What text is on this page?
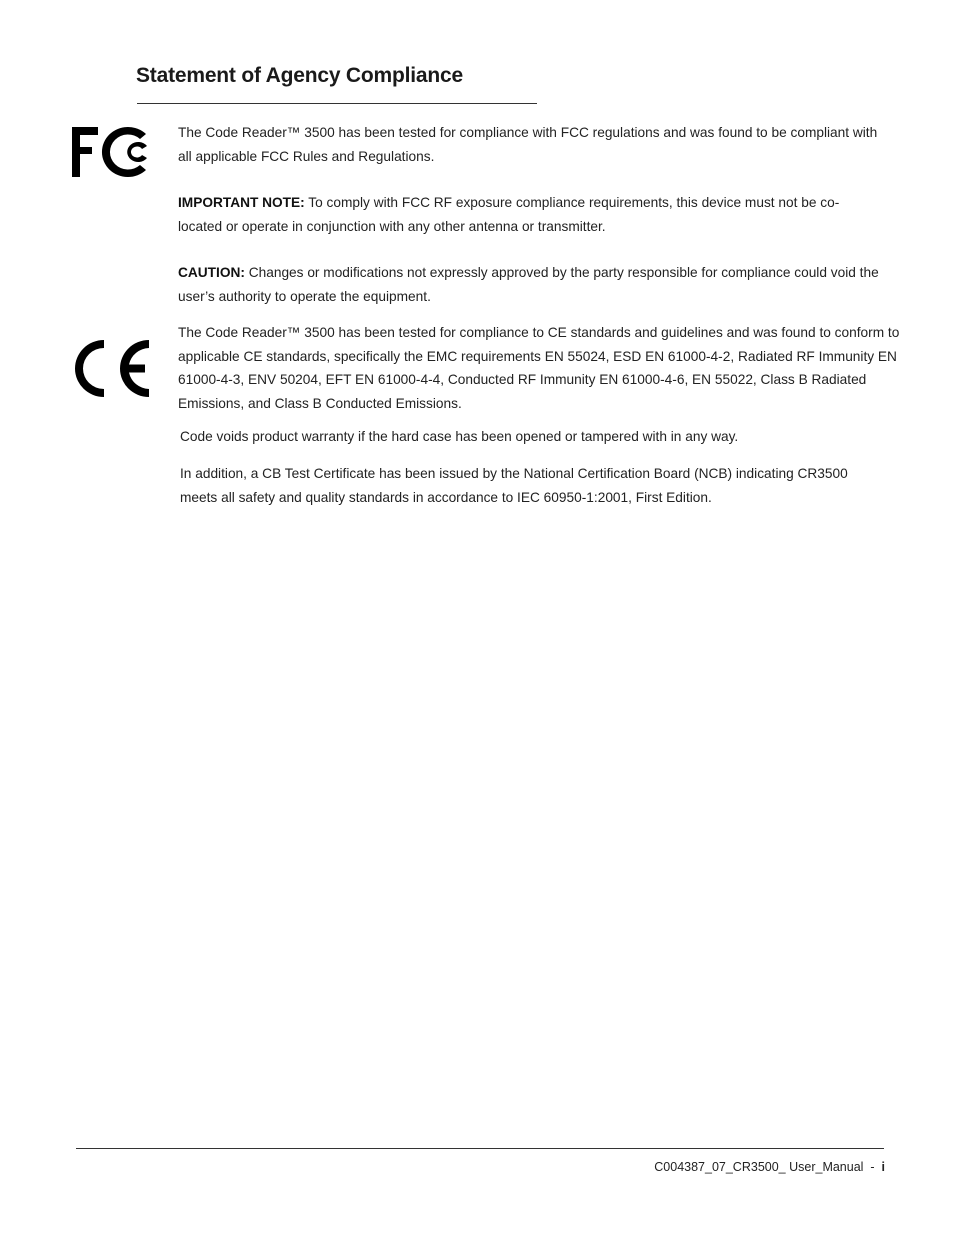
Statement of Agency Compliance

The Code Reader™ 3500 has been tested for compliance with FCC regulations and was found to be compliant with all applicable FCC Rules and Regulations.

IMPORTANT NOTE: To comply with FCC RF exposure compliance requirements, this device must not be co-located or operate in conjunction with any other antenna or transmitter.

CAUTION: Changes or modifications not expressly approved by the party responsible for compliance could void the user’s authority to operate the equipment.

The Code Reader™ 3500 has been tested for compliance to CE standards and guidelines and was found to conform to applicable CE standards, specifically the EMC requirements EN 55024, ESD EN 61000-4-2, Radiated RF Immunity EN 61000-4-3, ENV 50204, EFT EN 61000-4-4, Conducted RF Immunity EN 61000-4-6, EN 55022, Class B Radiated Emissions, and Class B Conducted Emissions.

Code voids product warranty if the hard case has been opened or tampered with in any way.

In addition, a CB Test Certificate has been issued by the National Certification Board (NCB) indicating CR3500 meets all safety and quality standards in accordance to IEC 60950-1:2001, First Edition.

C004387_07_CR3500_ User_Manual  -  i
